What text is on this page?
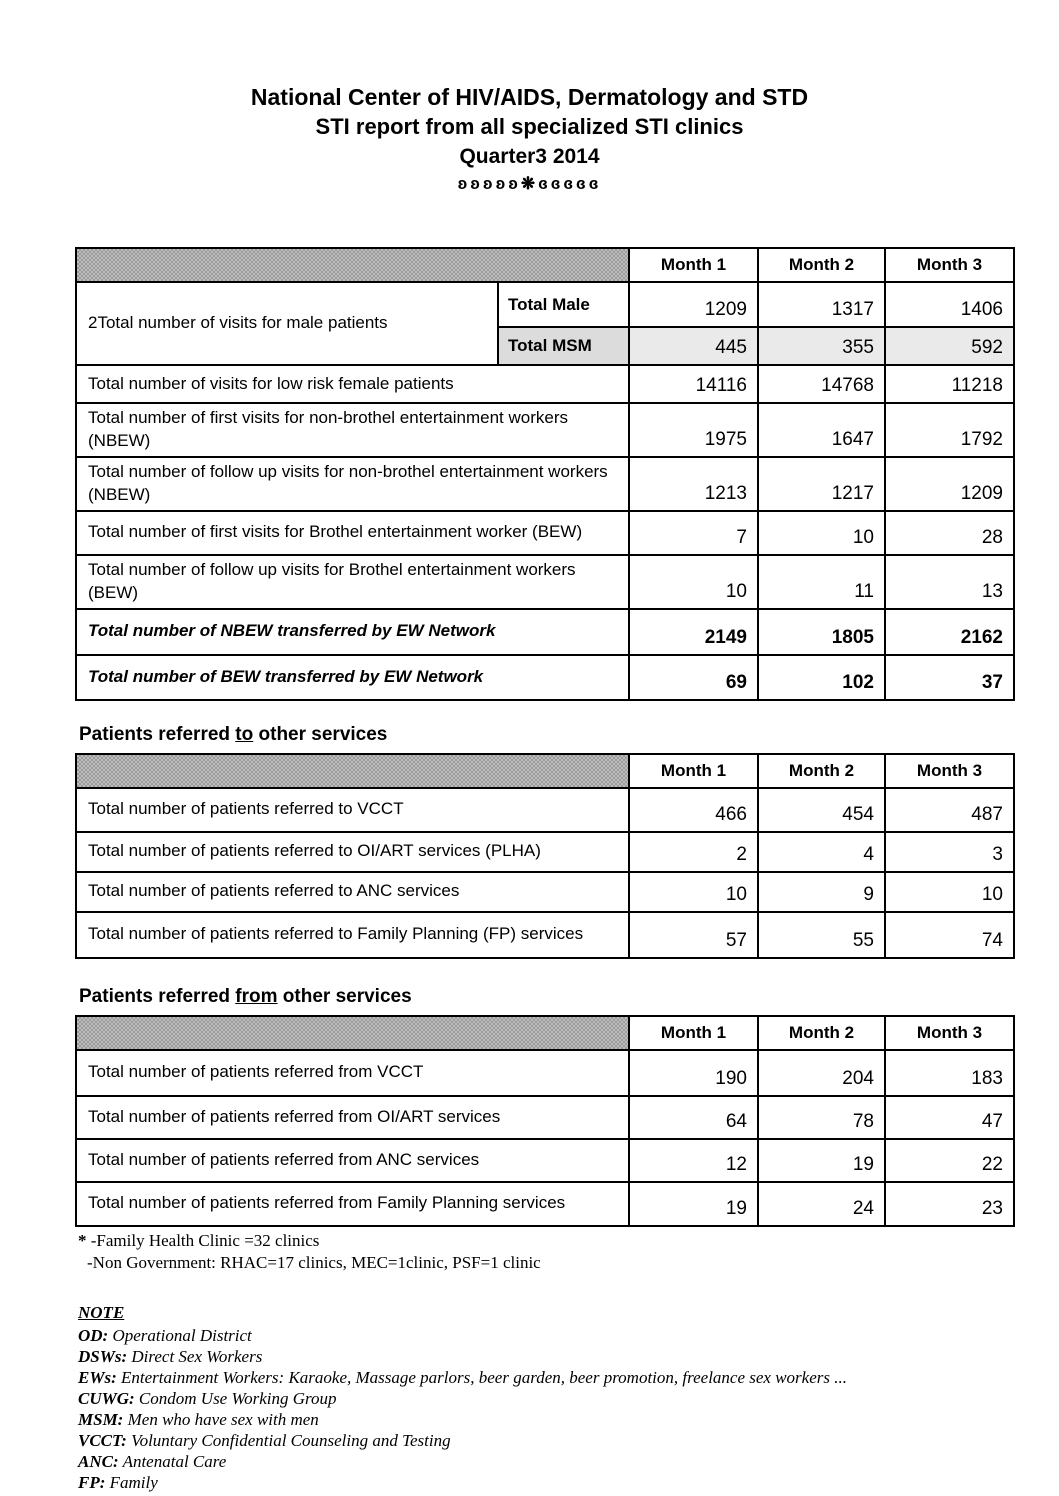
National Center of HIV/AIDS, Dermatology and STD
STI report from all specialized STI clinics
Quarter3 2014
ʚʚʚʚʚ❋ɞɞɞɞɞ
		Month 1	Month 2	Month 3
2Total number of visits for male patients	Total Male	1209	1317	1406
	Total MSM	445	355	592
Total number of visits for low risk female patients		14116	14768	11218
Total number of first visits for non-brothel entertainment workers (NBEW)		1975	1647	1792
Total number of follow up visits for non-brothel entertainment workers (NBEW)		1213	1217	1209
Total number of first visits for Brothel entertainment worker (BEW)		7	10	28
Total number of follow up visits for Brothel entertainment workers (BEW)		10	11	13
Total number of NBEW transferred by EW Network		2149	1805	2162
Total number of BEW transferred by EW Network		69	102	37
Patients referred to other services
	Month 1	Month 2	Month 3
Total number of patients referred to VCCT	466	454	487
Total number of patients referred to OI/ART services (PLHA)	2	4	3
Total number of patients referred to ANC services	10	9	10
Total number of patients referred to Family Planning (FP) services	57	55	74
Patients referred from other services
	Month 1	Month 2	Month 3
Total number of patients referred from VCCT	190	204	183
Total number of patients referred from OI/ART services	64	78	47
Total number of patients referred from ANC services	12	19	22
Total number of patients referred from Family Planning services	19	24	23
* -Family Health Clinic =32 clinics
-Non Government: RHAC=17 clinics, MEC=1clinic, PSF=1 clinic
NOTE
OD: Operational District
DSWs: Direct Sex Workers
EWs: Entertainment Workers: Karaoke, Massage parlors, beer garden, beer promotion, freelance sex workers ...
CUWG: Condom Use Working Group
MSM: Men who have sex with men
VCCT: Voluntary Confidential Counseling and Testing
ANC: Antenatal Care
FP: Family
